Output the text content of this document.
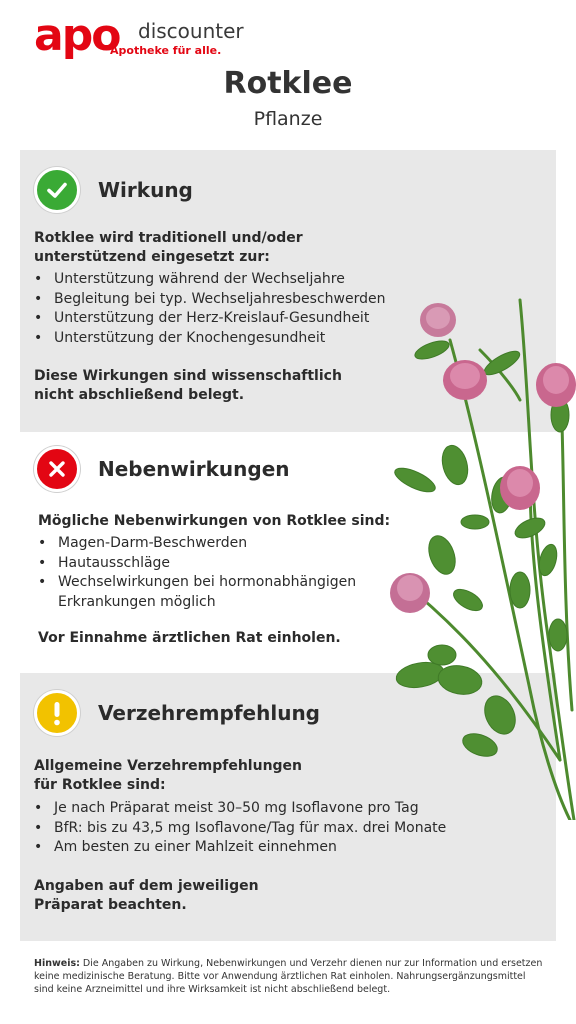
apo discounter
Apotheke für alle.
Rotklee
Pflanze
Wirkung
Rotklee wird traditionell und/oder
unterstützend eingesetzt zur:
• Unterstützung während der Wechseljahre
• Begleitung bei typ. Wechseljahresbeschwerden
• Unterstützung der Herz-Kreislauf-Gesundheit
• Unterstützung der Knochengesundheit
Diese Wirkungen sind wissenschaftlich
nicht abschließend belegt.
Nebenwirkungen
Mögliche Nebenwirkungen von Rotklee sind:
• Magen-Darm-Beschwerden
• Hautausschläge
• Wechselwirkungen bei hormonabhängigen Erkrankungen möglich
Vor Einnahme ärztlichen Rat einholen.
Verzehrempfehlung
Allgemeine Verzehrempfehlungen
für Rotklee sind:
• Je nach Präparat meist 30–50 mg Isoflavone pro Tag
• BfR: bis zu 43,5 mg Isoflavone/Tag für max. drei Monate
• Am besten zu einer Mahlzeit einnehmen
Angaben auf dem jeweiligen
Präparat beachten.
Hinweis: Die Angaben zu Wirkung, Nebenwirkungen und Verzehr dienen nur zur Information und ersetzen keine medizinische Beratung. Bitte vor Anwendung ärztlichen Rat einholen. Nahrungsergänzungsmittel sind keine Arzneimittel und ihre Wirksamkeit ist nicht abschließend belegt.
